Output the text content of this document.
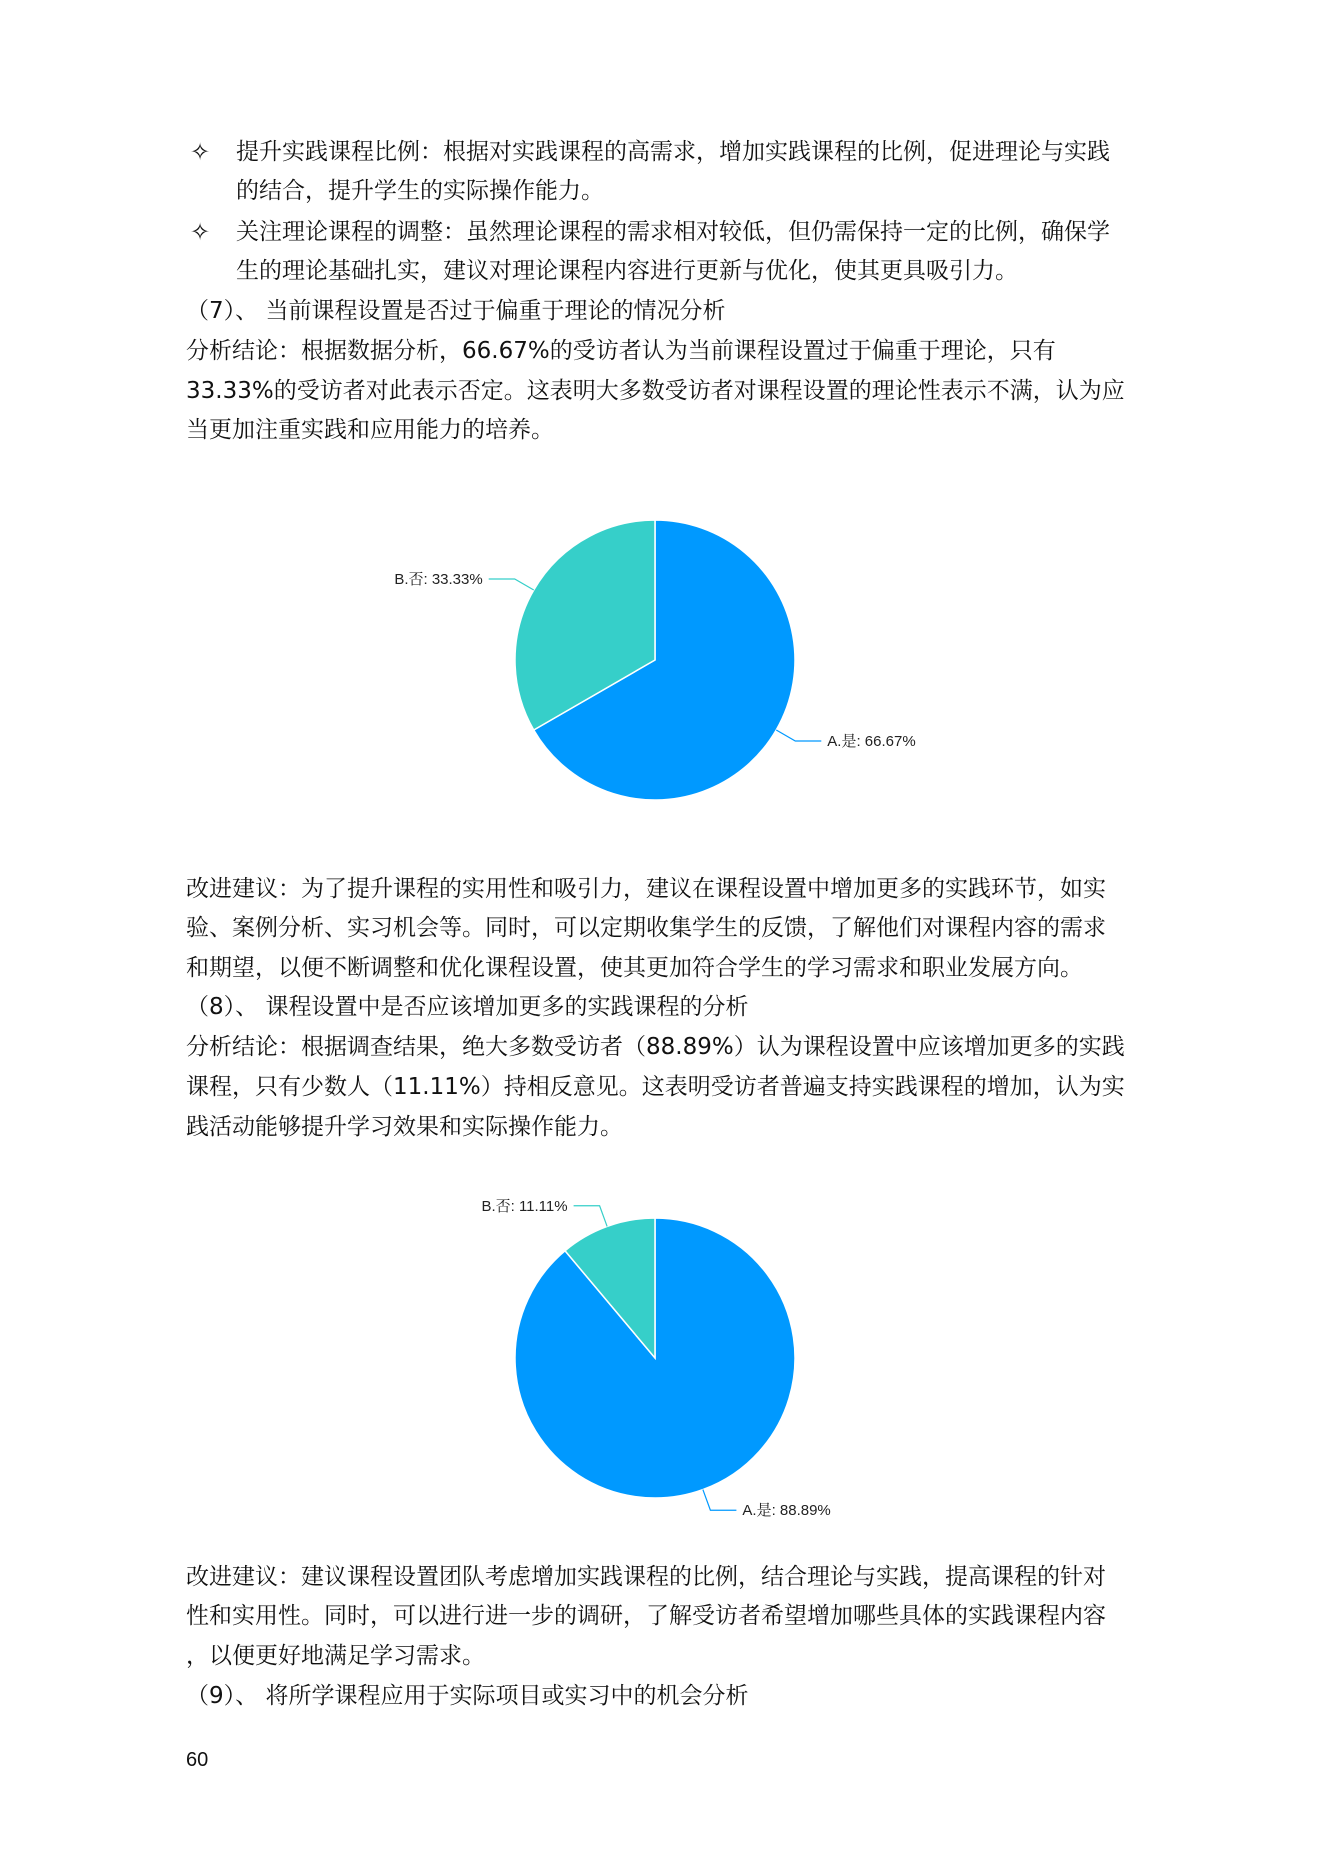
✧ 提升实践课程比例：根据对实践课程的高需求，增加实践课程的比例，促进理论与实践
的结合，提升学生的实际操作能力。
✧ 关注理论课程的调整：虽然理论课程的需求相对较低，但仍需保持一定的比例，确保学
生的理论基础扎实，建议对理论课程内容进行更新与优化，使其更具吸引力。
（7）、 当前课程设置是否过于偏重于理论的情况分析
分析结论：根据数据分析，66.67%的受访者认为当前课程设置过于偏重于理论，只有
33.33%的受访者对此表示否定。这表明大多数受访者对课程设置的理论性表示不满，认为应
当更加注重实践和应用能力的培养。
A.是: 66.67%
B.否: 33.33%
改进建议：为了提升课程的实用性和吸引力，建议在课程设置中增加更多的实践环节，如实
验、案例分析、实习机会等。同时，可以定期收集学生的反馈，了解他们对课程内容的需求
和期望，以便不断调整和优化课程设置，使其更加符合学生的学习需求和职业发展方向。
（8）、 课程设置中是否应该增加更多的实践课程的分析
分析结论：根据调查结果，绝大多数受访者（88.89%）认为课程设置中应该增加更多的实践
课程，只有少数人（11.11%）持相反意见。这表明受访者普遍支持实践课程的增加，认为实
践活动能够提升学习效果和实际操作能力。
A.是: 88.89%
B.否: 11.11%
改进建议：建议课程设置团队考虑增加实践课程的比例，结合理论与实践，提高课程的针对
性和实用性。同时，可以进行进一步的调研，了解受访者希望增加哪些具体的实践课程内容
，以便更好地满足学习需求。
（9）、 将所学课程应用于实际项目或实习中的机会分析
60
